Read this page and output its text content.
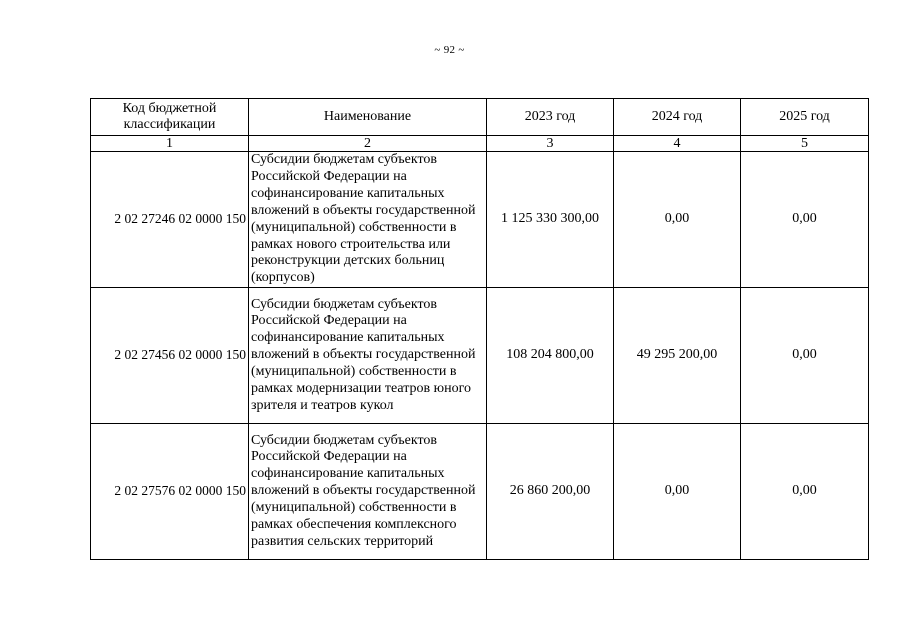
~ 92 ~
Код бюджетной классификации	Наименование	2023 год	2024 год	2025 год
1	2	3	4	5
2 02 27246 02 0000 150	Субсидии бюджетам субъектов Российской Федерации на софинансирование капитальных вложений в объекты государственной (муниципальной) собственности в рамках нового строительства или реконструкции детских больниц (корпусов)	1 125 330 300,00	0,00	0,00
2 02 27456 02 0000 150	Субсидии бюджетам субъектов Российской Федерации на софинансирование капитальных вложений в объекты государственной (муниципальной) собственности в рамках модернизации театров юного зрителя и театров кукол	108 204 800,00	49 295 200,00	0,00
2 02 27576 02 0000 150	Субсидии бюджетам субъектов Российской Федерации на софинансирование капитальных вложений в объекты государственной (муниципальной) собственности в рамках обеспечения комплексного развития сельских территорий	26 860 200,00	0,00	0,00
